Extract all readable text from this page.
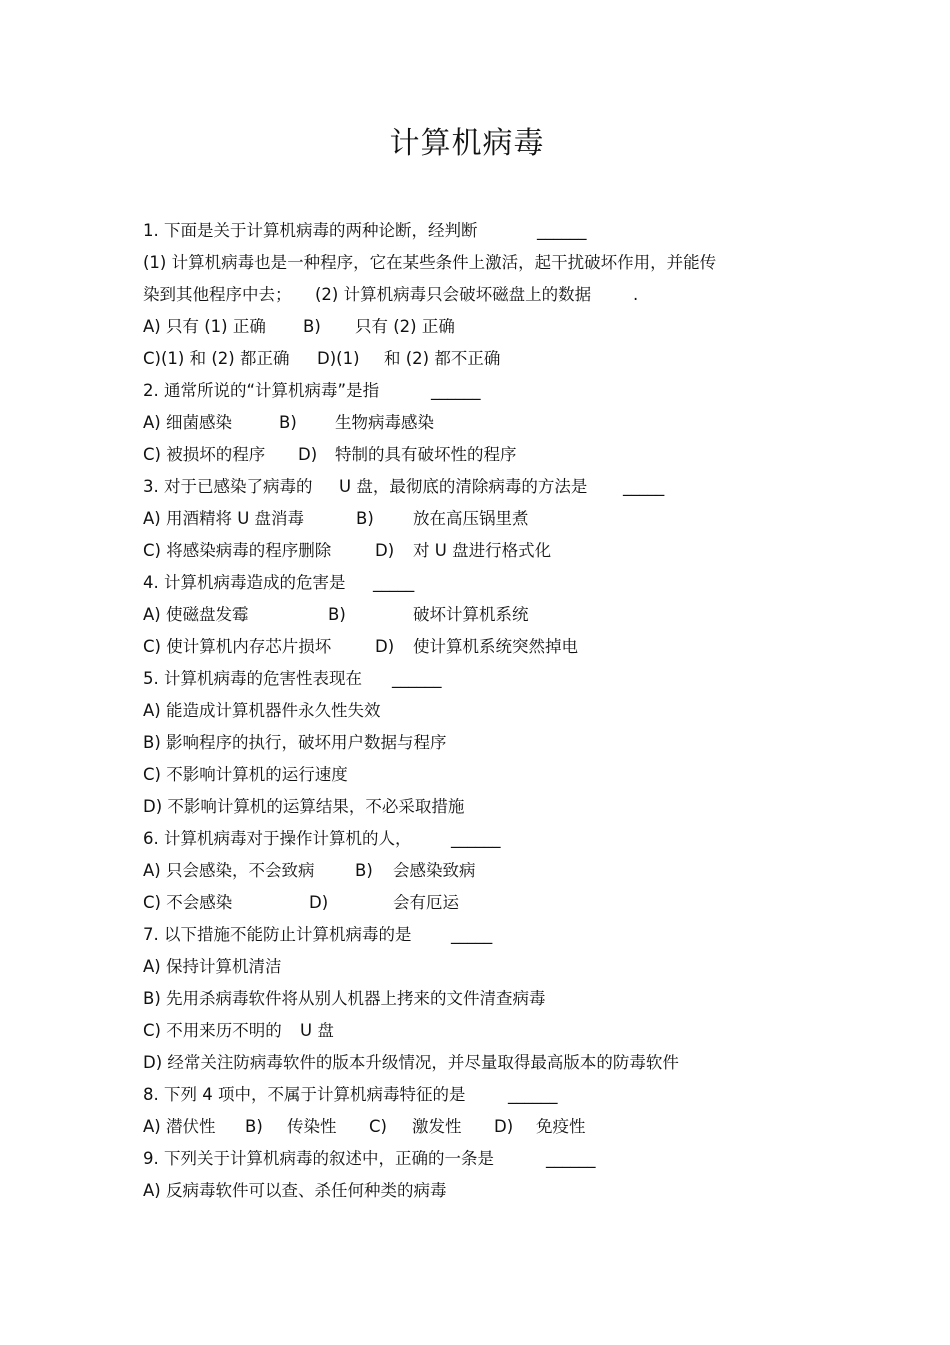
计算机病毒
1. 下面是关于计算机病毒的两种论断，经判断	______
(1) 计算机病毒也是一种程序，它在某些条件上激活，起干扰破坏作用，并能传
染到其他程序中去；	(2) 计算机病毒只会破坏磁盘上的数据	.
A) 只有 (1) 正确	B)	只有 (2) 正确
C)(1) 和 (2) 都正确	D)(1)	和 (2) 都不正确
2. 通常所说的“计算机病毒”是指	______
A) 细菌感染	B)	生物病毒感染
C) 被损坏的程序	D)	特制的具有破坏性的程序
3. 对于已感染了病毒的	U 盘，最彻底的清除病毒的方法是	_____
A) 用酒精将 U 盘消毒	B)	放在高压锅里煮
C) 将感染病毒的程序删除	D)	对 U 盘进行格式化
4. 计算机病毒造成的危害是	_____
A) 使磁盘发霉	B)	破坏计算机系统
C) 使计算机内存芯片损坏	D)	使计算机系统突然掉电
5. 计算机病毒的危害性表现在	______
A) 能造成计算机器件永久性失效
B) 影响程序的执行，破坏用户数据与程序
C) 不影响计算机的运行速度
D) 不影响计算机的运算结果，不必采取措施
6. 计算机病毒对于操作计算机的人，	______
A) 只会感染，不会致病	B)	会感染致病
C) 不会感染	D)	会有厄运
7. 以下措施不能防止计算机病毒的是	_____
A) 保持计算机清洁
B) 先用杀病毒软件将从别人机器上拷来的文件清查病毒
C) 不用来历不明的	U 盘
D) 经常关注防病毒软件的版本升级情况，并尽量取得最高版本的防毒软件
8. 下列 4 项中，不属于计算机病毒特征的是	______
A) 潜伏性	B)	传染性	C)	激发性	D)	免疫性
9. 下列关于计算机病毒的叙述中，正确的一条是	______
A) 反病毒软件可以查、杀任何种类的病毒
